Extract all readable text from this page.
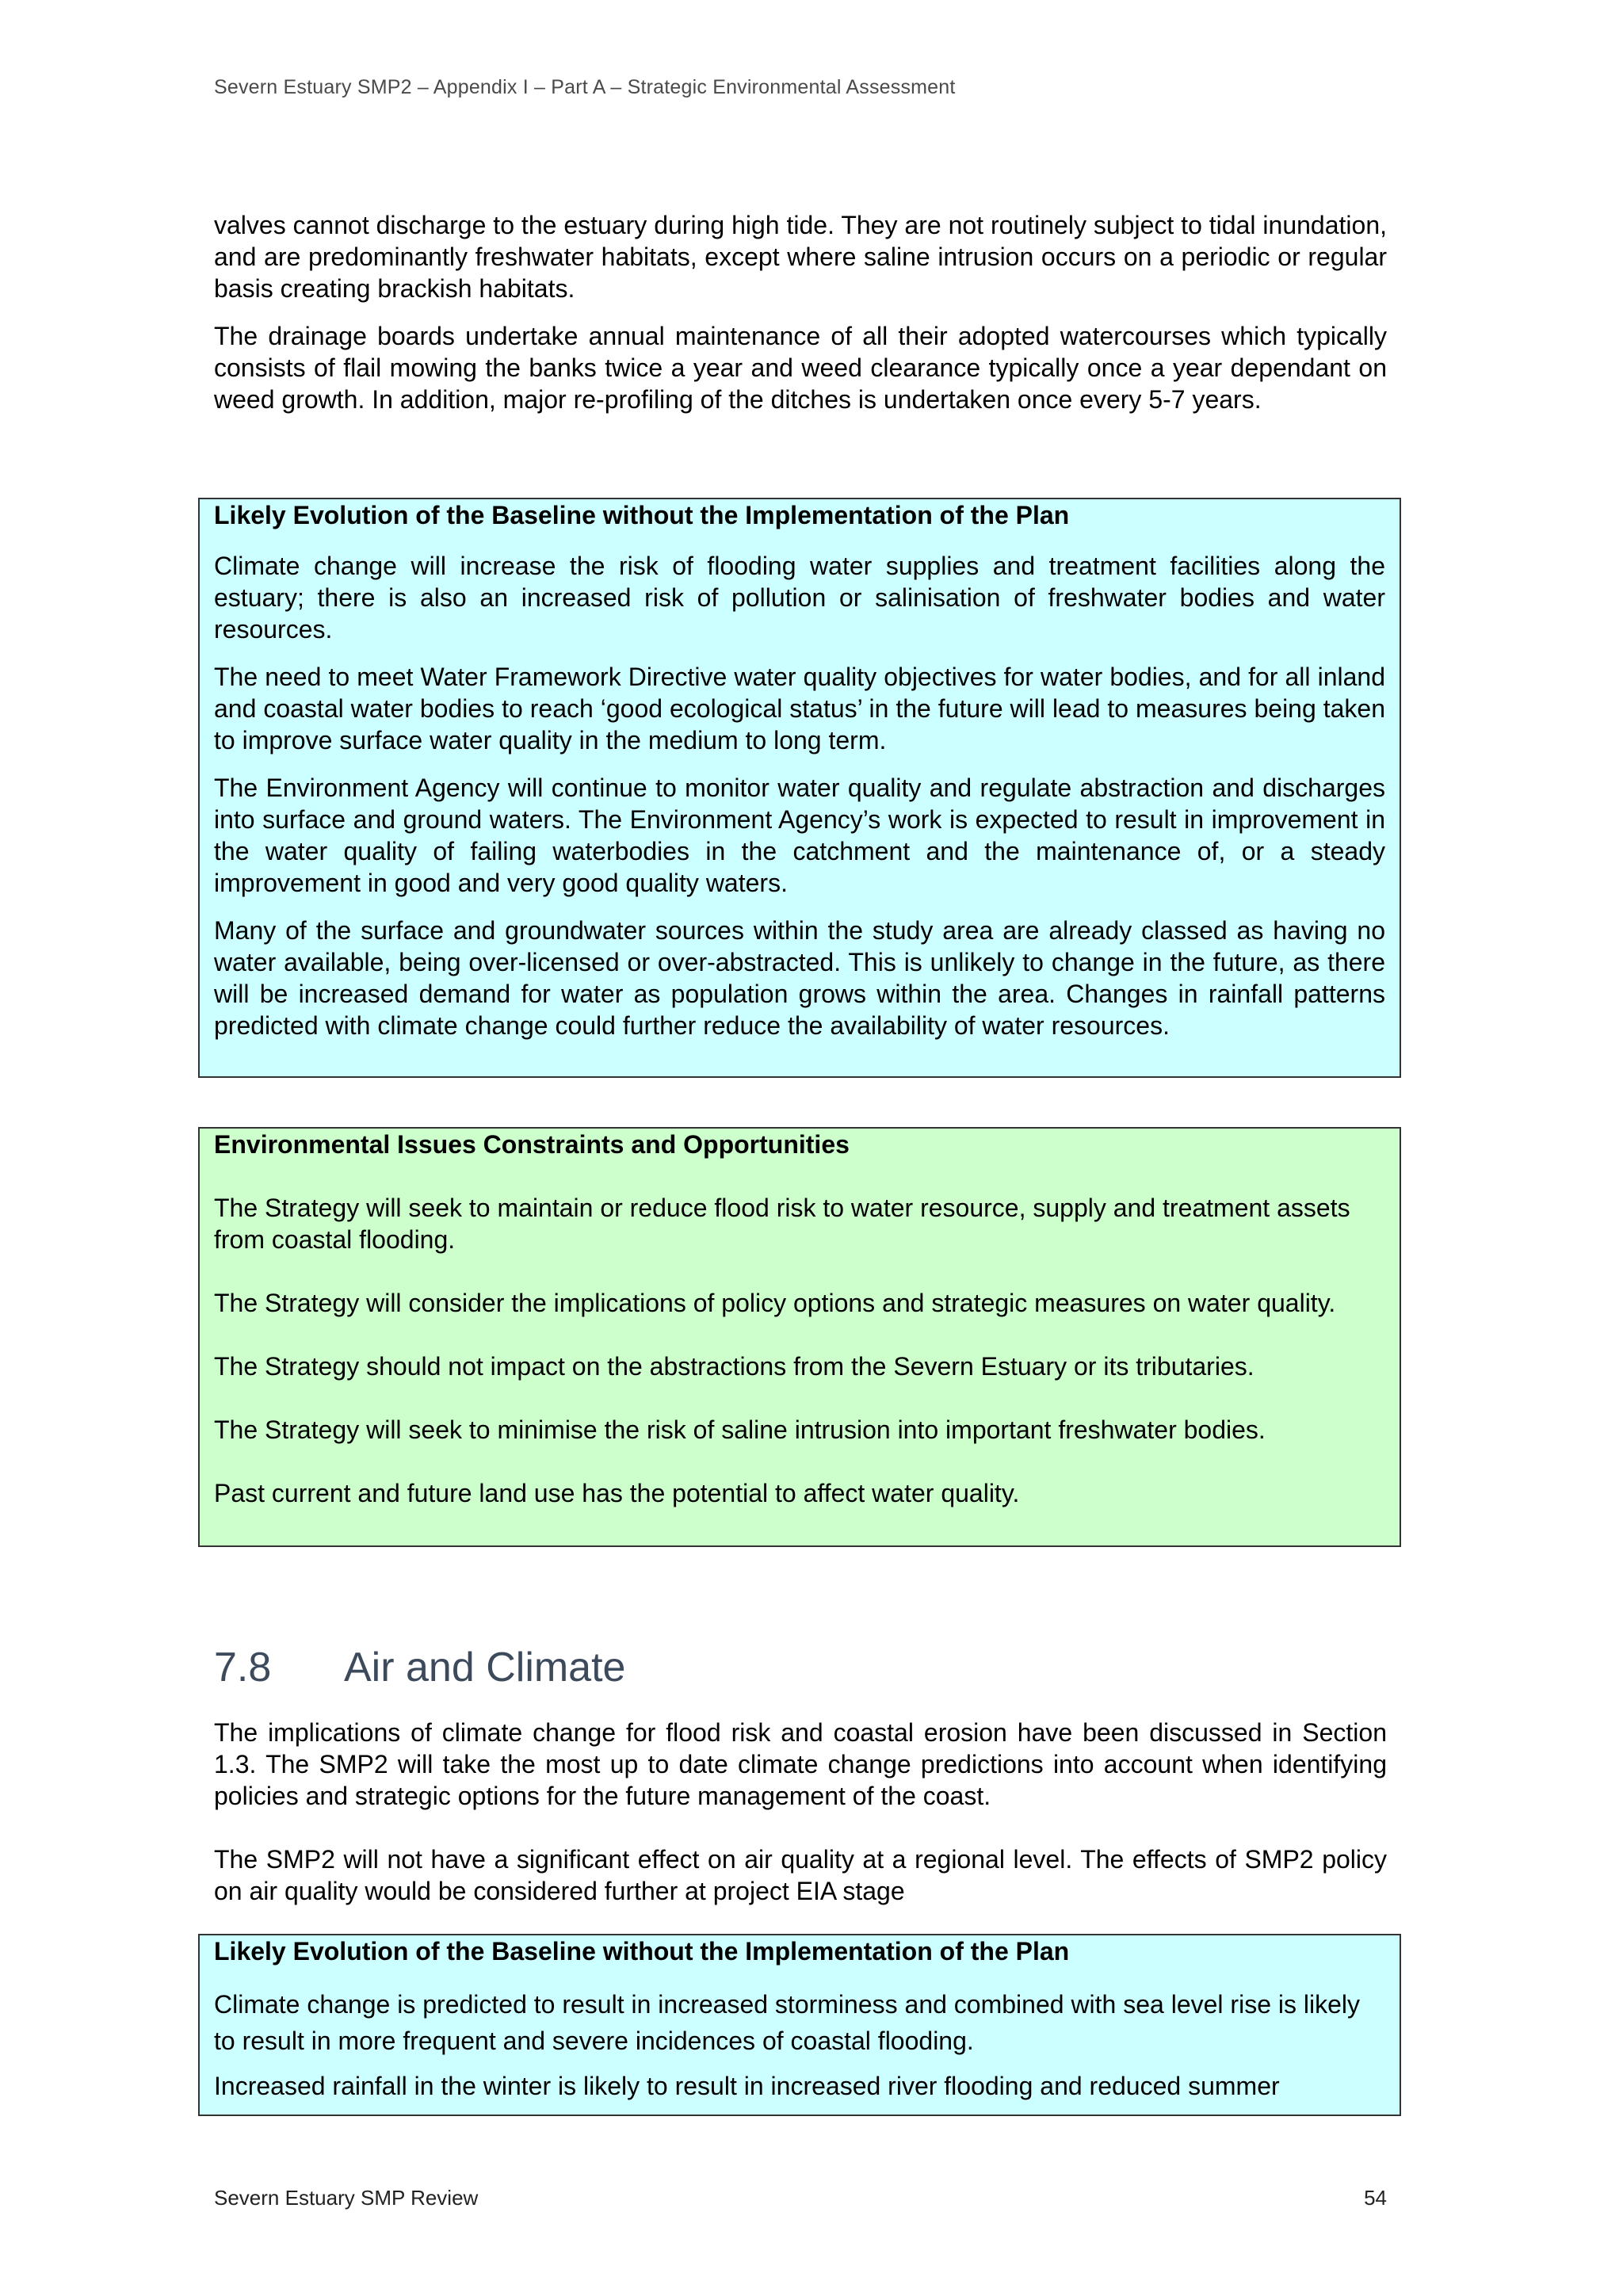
Severn Estuary SMP2 – Appendix I – Part A – Strategic Environmental Assessment

valves cannot discharge to the estuary during high tide. They are not routinely subject to tidal inundation, and are predominantly freshwater habitats, except where saline intrusion occurs on a periodic or regular basis creating brackish habitats.

The drainage boards undertake annual maintenance of all their adopted watercourses which typically consists of flail mowing the banks twice a year and weed clearance typically once a year dependant on weed growth. In addition, major re-profiling of the ditches is undertaken once every 5-7 years.

Likely Evolution of the Baseline without the Implementation of the Plan

Climate change will increase the risk of flooding water supplies and treatment facilities along the estuary; there is also an increased risk of pollution or salinisation of freshwater bodies and water resources.

The need to meet Water Framework Directive water quality objectives for water bodies, and for all inland and coastal water bodies to reach ‘good ecological status’ in the future will lead to measures being taken to improve surface water quality in the medium to long term.

The Environment Agency will continue to monitor water quality and regulate abstraction and discharges into surface and ground waters. The Environment Agency’s work is expected to result in improvement in the water quality of failing waterbodies in the catchment and the maintenance of, or a steady improvement in good and very good quality waters.

Many of the surface and groundwater sources within the study area are already classed as having no water available, being over-licensed or over-abstracted. This is unlikely to change in the future, as there will be increased demand for water as population grows within the area. Changes in rainfall patterns predicted with climate change could further reduce the availability of water resources.

Environmental Issues Constraints and Opportunities

The Strategy will seek to maintain or reduce flood risk to water resource, supply and treatment assets from coastal flooding.

The Strategy will consider the implications of policy options and strategic measures on water quality.

The Strategy should not impact on the abstractions from the Severn Estuary or its tributaries.

The Strategy will seek to minimise the risk of saline intrusion into important freshwater bodies.

Past current and future land use has the potential to affect water quality.

7.8 Air and Climate

The implications of climate change for flood risk and coastal erosion have been discussed in Section 1.3. The SMP2 will take the most up to date climate change predictions into account when identifying policies and strategic options for the future management of the coast.

The SMP2 will not have a significant effect on air quality at a regional level. The effects of SMP2 policy on air quality would be considered further at project EIA stage

Likely Evolution of the Baseline without the Implementation of the Plan

Climate change is predicted to result in increased storminess and combined with sea level rise is likely to result in more frequent and severe incidences of coastal flooding.

Increased rainfall in the winter is likely to result in increased river flooding and reduced summer

Severn Estuary SMP Review	54
